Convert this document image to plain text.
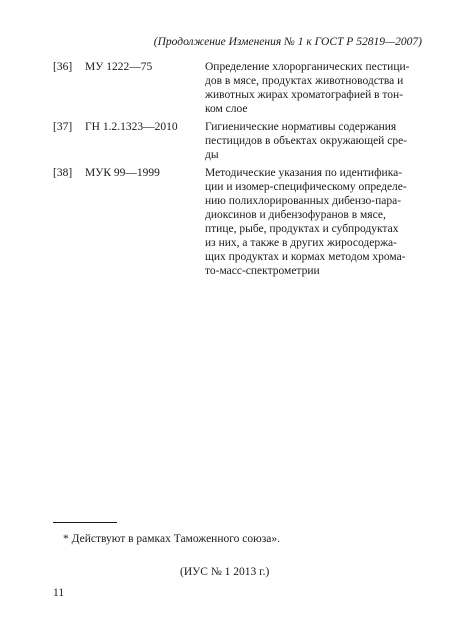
(Продолжение Изменения № 1 к ГОСТ Р 52819—2007)
[36]	МУ 1222—75	Определение хлорорганических пестици-
дов в мясе, продуктах животноводства и
животных жирах хроматографией в тон-
ком слое
[37]	ГН 1.2.1323—2010	Гигиенические нормативы содержания
пестицидов в объектах окружающей сре-
ды
[38]	МУК 99—1999	Методические указания по идентифика-
ции и изомер-специфическому определе-
нию полихлорированных дибензо-пара-
диоксинов и дибензофуранов в мясе,
птице, рыбе, продуктах и субпродуктах
из них, а также в других жиросодержа-
щих продуктах и кормах методом хрома-
то-масс-спектрометрии
* Действуют в рамках Таможенного союза».
(ИУС № 1 2013 г.)
11
